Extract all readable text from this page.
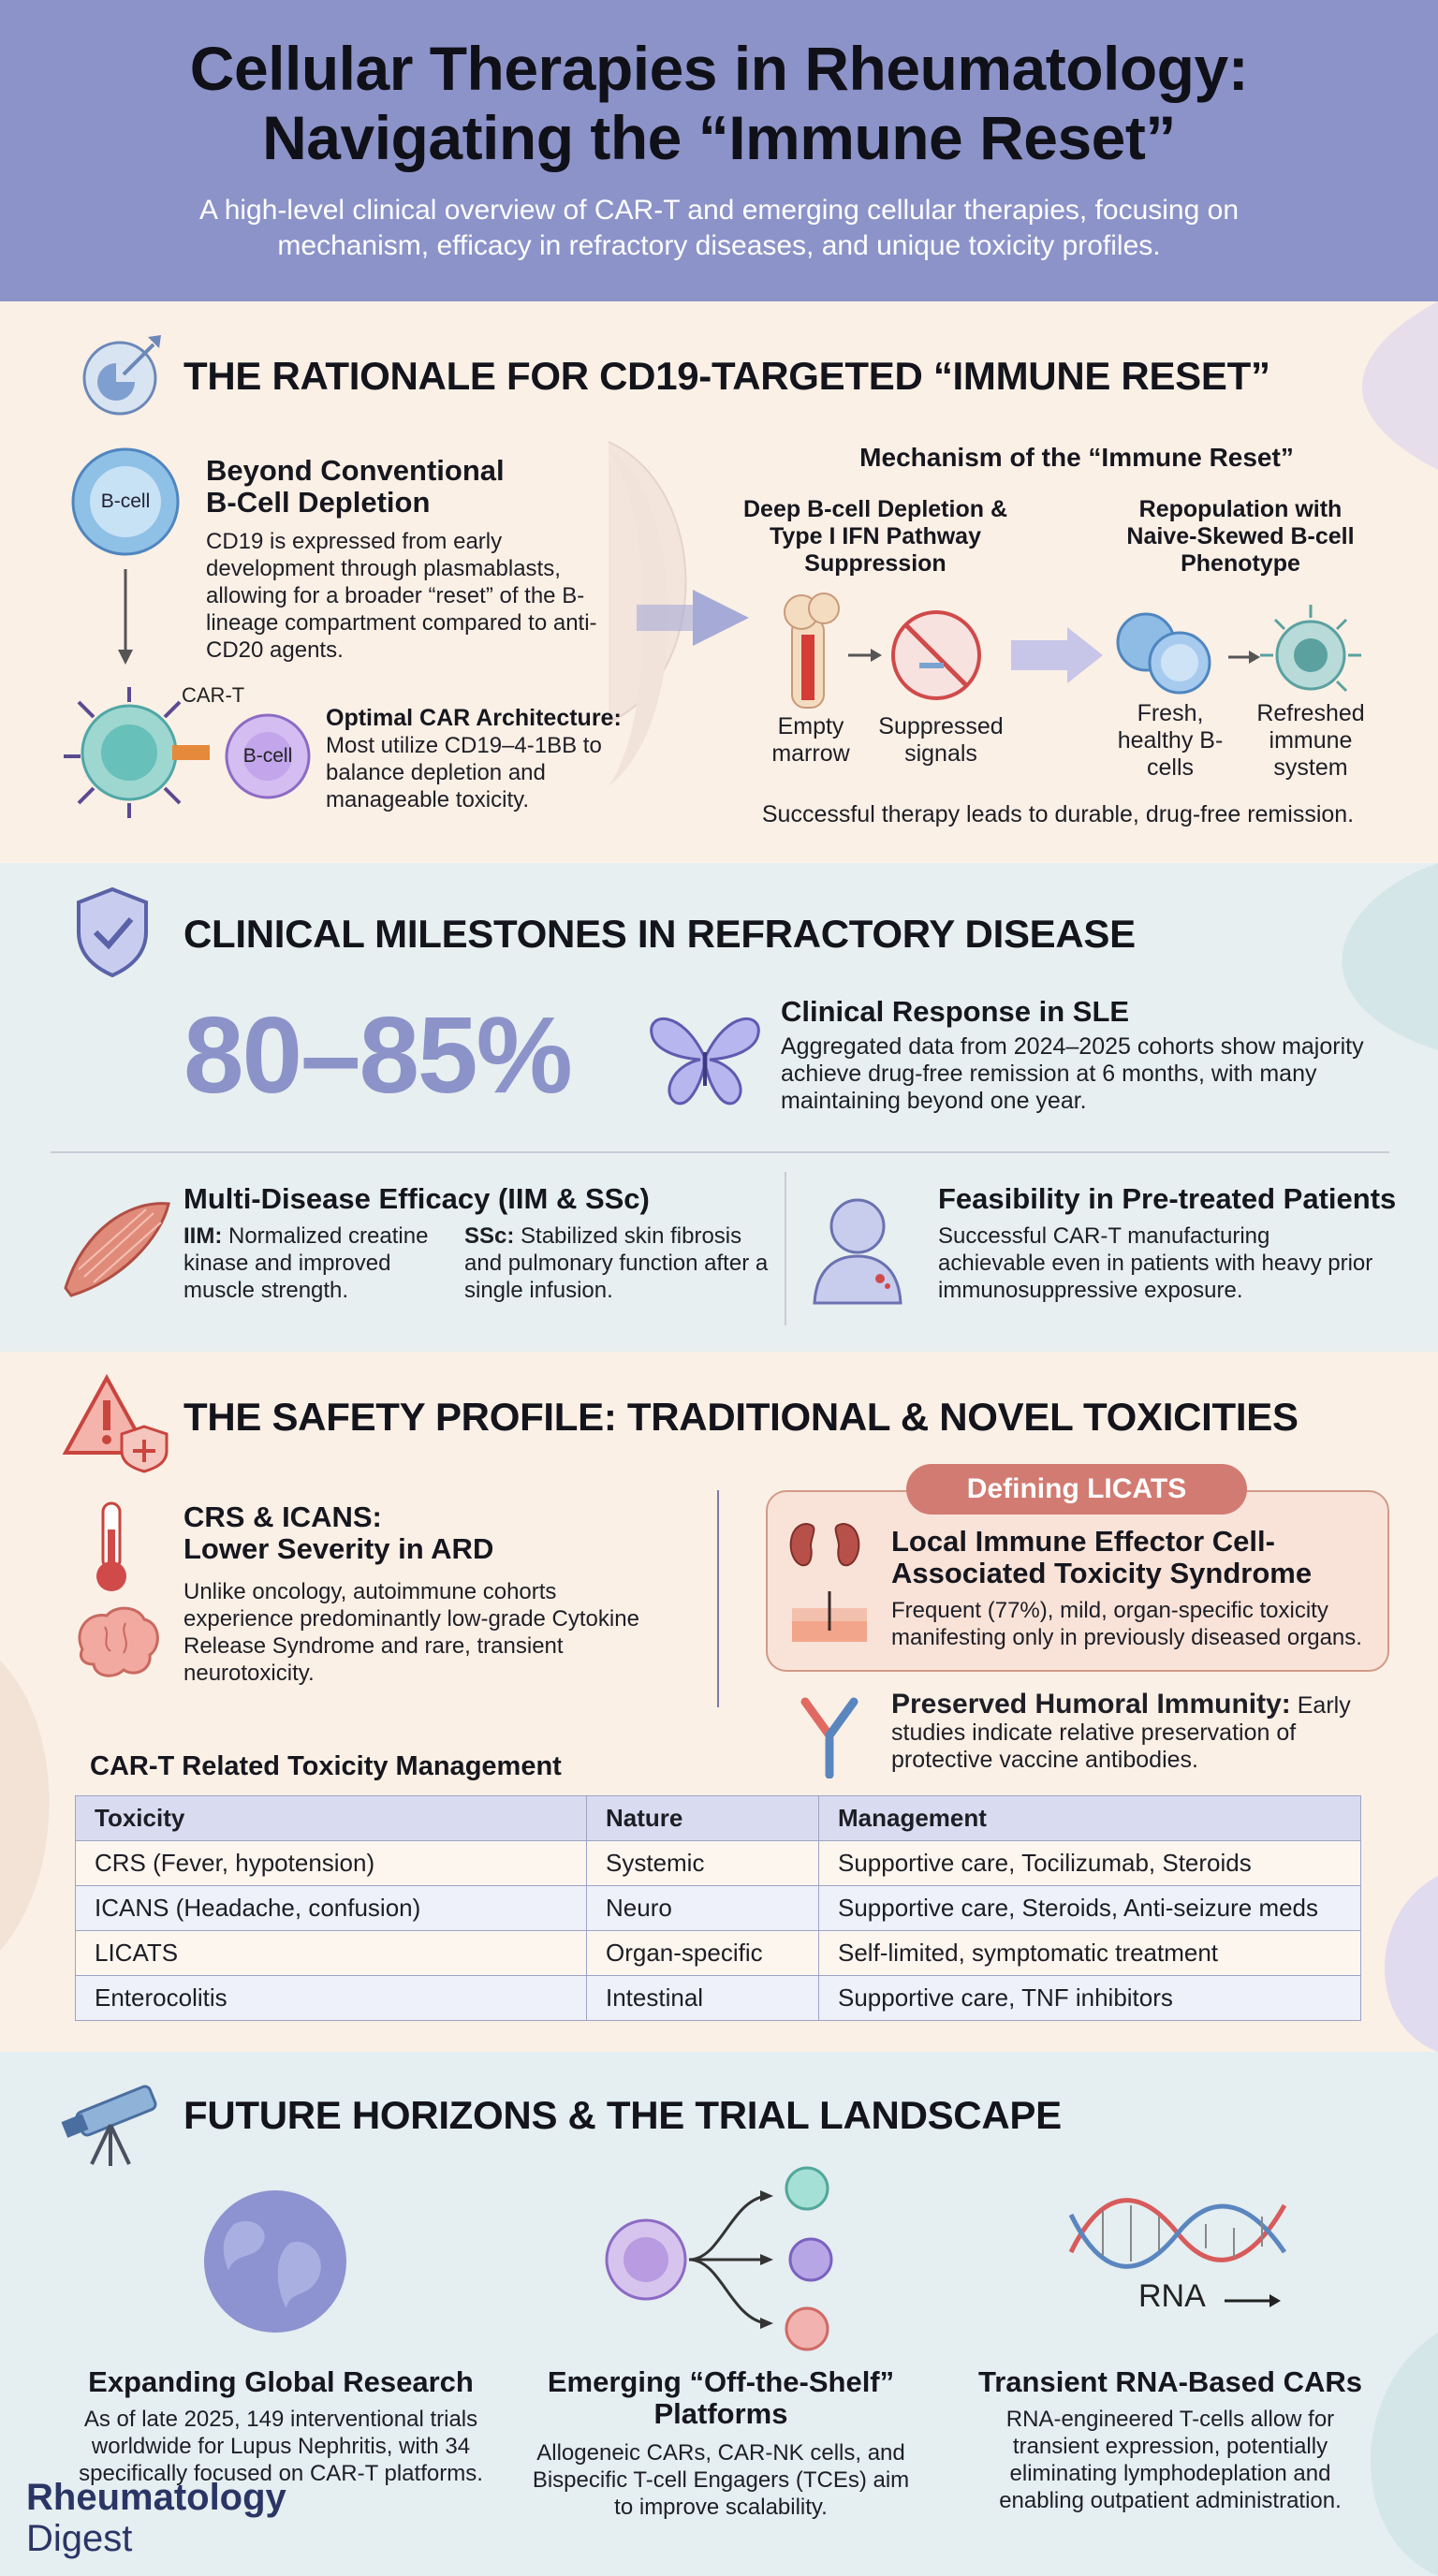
Cellular Therapies in Rheumatology:
Navigating the “Immune Reset”

A high-level clinical overview of CAR-T and emerging cellular therapies, focusing on mechanism, efficacy in refractory diseases, and unique toxicity profiles.

THE RATIONALE FOR CD19-TARGETED “IMMUNE RESET”
B-cell
CAR-T
B-cell
Beyond Conventional
B-Cell Depletion
CD19 is expressed from early development through plasmablasts, allowing for a broader “reset” of the B-lineage compartment compared to anti-CD20 agents.
Optimal CAR Architecture:
Most utilize CD19–4-1BB to balance depletion and manageable toxicity.
Mechanism of the “Immune Reset”
Deep B-cell Depletion & Type I IFN Pathway Suppression
Repopulation with Naive-Skewed B-cell Phenotype
Empty marrow
Suppressed signals
Fresh, healthy B-cells
Refreshed immune system
Successful therapy leads to durable, drug-free remission.
CLINICAL MILESTONES IN REFRACTORY DISEASE
80–85%	Clinical Response in SLE
Aggregated data from 2024–2025 cohorts show majority achieve drug-free remission at 6 months, with many maintaining beyond one year.
Multi-Disease Efficacy (IIM & SSc)
IIM: Normalized creatine kinase and improved muscle strength.
SSc: Stabilized skin fibrosis and pulmonary function after a single infusion.
Feasibility in Pre-treated Patients
Successful CAR-T manufacturing achievable even in patients with heavy prior immunosuppressive exposure.
THE SAFETY PROFILE: TRADITIONAL & NOVEL TOXICITIES
CRS & ICANS:
Lower Severity in ARD
Unlike oncology, autoimmune cohorts experience predominantly low-grade Cytokine Release Syndrome and rare, transient neurotoxicity.
Defining LICATS
Local Immune Effector Cell-Associated Toxicity Syndrome
Frequent (77%), mild, organ-specific toxicity manifesting only in previously diseased organs.
Preserved Humoral Immunity: Early studies indicate relative preservation of protective vaccine antibodies.
CAR-T Related Toxicity Management
Toxicity	Nature	Management
CRS (Fever, hypotension)	Systemic	Supportive care, Tocilizumab, Steroids
ICANS (Headache, confusion)	Neuro	Supportive care, Steroids, Anti-seizure meds
LICATS	Organ-specific	Self-limited, symptomatic treatment
Enterocolitis	Intestinal	Supportive care, TNF inhibitors
FUTURE HORIZONS & THE TRIAL LANDSCAPE
RNA
Expanding Global Research
As of late 2025, 149 interventional trials worldwide for Lupus Nephritis, with 34 specifically focused on CAR-T platforms.
Emerging “Off-the-Shelf” Platforms
Allogeneic CARs, CAR-NK cells, and Bispecific T-cell Engagers (TCEs) aim to improve scalability.
Transient RNA-Based CARs
RNA-engineered T-cells allow for transient expression, potentially eliminating lymphodeplation and enabling outpatient administration.
Rheumatology
Digest
